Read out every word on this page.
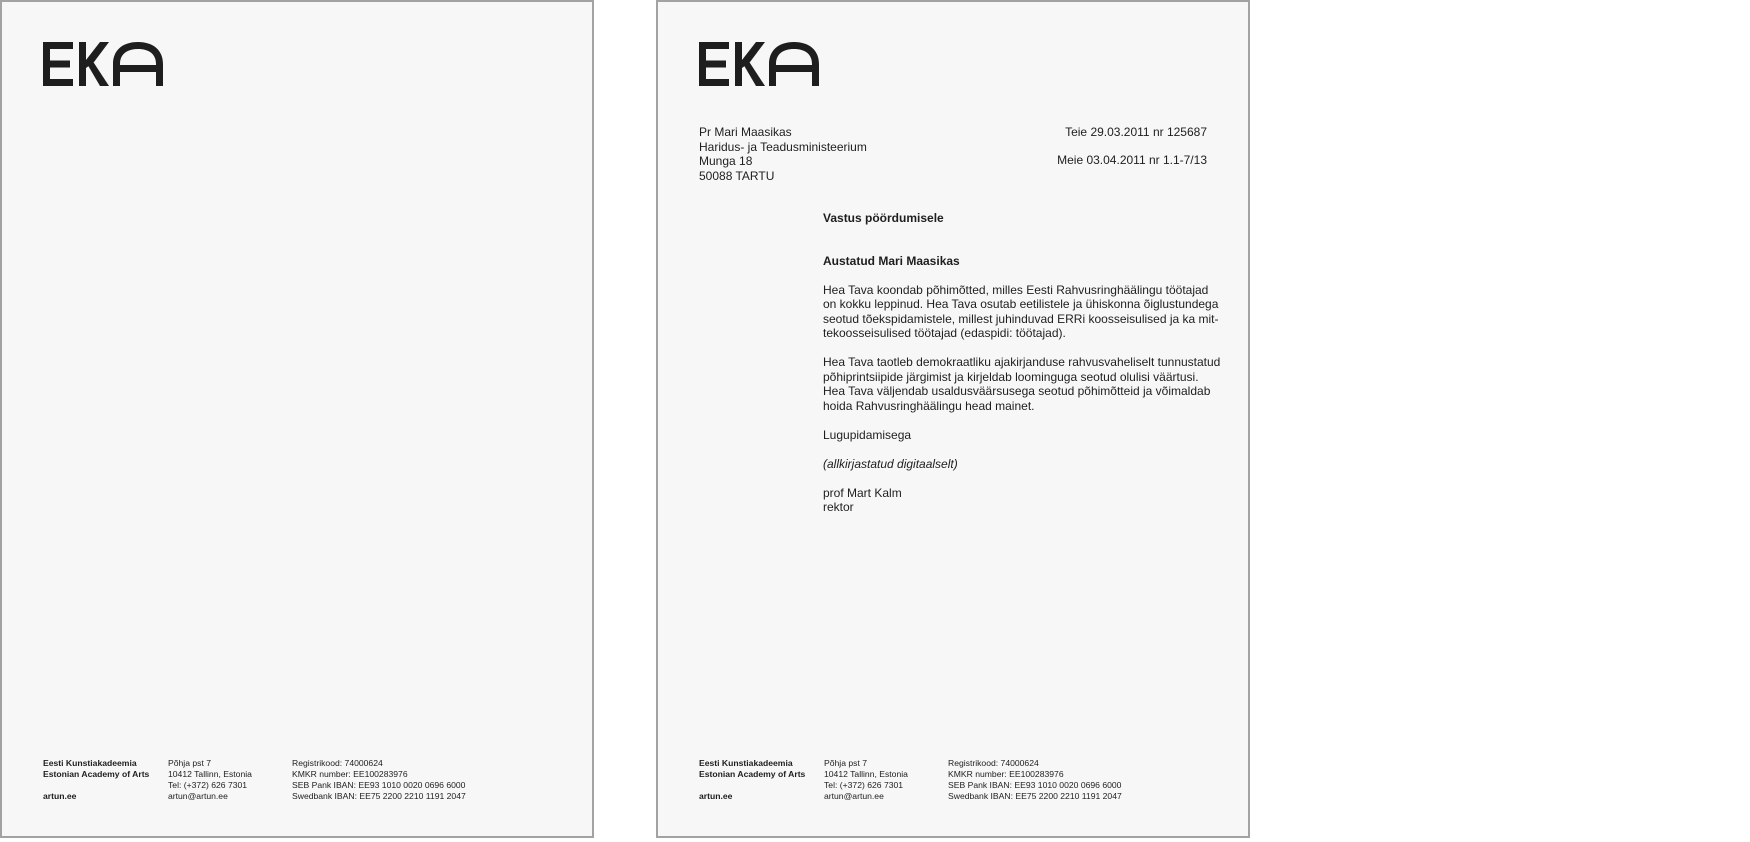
Eesti Kunstiakadeemia
Estonian Academy of Arts
artun.ee
Põhja pst 7
10412 Tallinn, Estonia
Tel: (+372) 626 7301
artun@artun.ee
Registrikood: 74000624
KMKR number: EE100283976
SEB Pank IBAN: EE93 1010 0020 0696 6000
Swedbank IBAN: EE75 2200 2210 1191 2047
Pr Mari Maasikas
Haridus- ja Teadusministeerium
Munga 18
50088 TARTU
Teie 29.03.2011 nr 125687
Meie 03.04.2011 nr 1.1-7/13
Vastus pöördumisele
Austatud Mari Maasikas
Hea Tava koondab põhimõtted, milles Eesti Rahvusringhäälingu töötajad
on kokku leppinud. Hea Tava osutab eetilistele ja ühiskonna õiglustundega
seotud tõekspidamistele, millest juhinduvad ERRi koosseisulised ja ka mit-
tekoosseisulised töötajad (edaspidi: töötajad).
Hea Tava taotleb demokraatliku ajakirjanduse rahvusvaheliselt tunnustatud
põhiprintsiipide järgimist ja kirjeldab loominguga seotud olulisi väärtusi.
Hea Tava väljendab usaldusväärsusega seotud põhimõtteid ja võimaldab
hoida Rahvusringhäälingu head mainet.
Lugupidamisega
(allkirjastatud digitaalselt)
prof Mart Kalm
rektor
Eesti Kunstiakadeemia
Estonian Academy of Arts
artun.ee
Põhja pst 7
10412 Tallinn, Estonia
Tel: (+372) 626 7301
artun@artun.ee
Registrikood: 74000624
KMKR number: EE100283976
SEB Pank IBAN: EE93 1010 0020 0696 6000
Swedbank IBAN: EE75 2200 2210 1191 2047
